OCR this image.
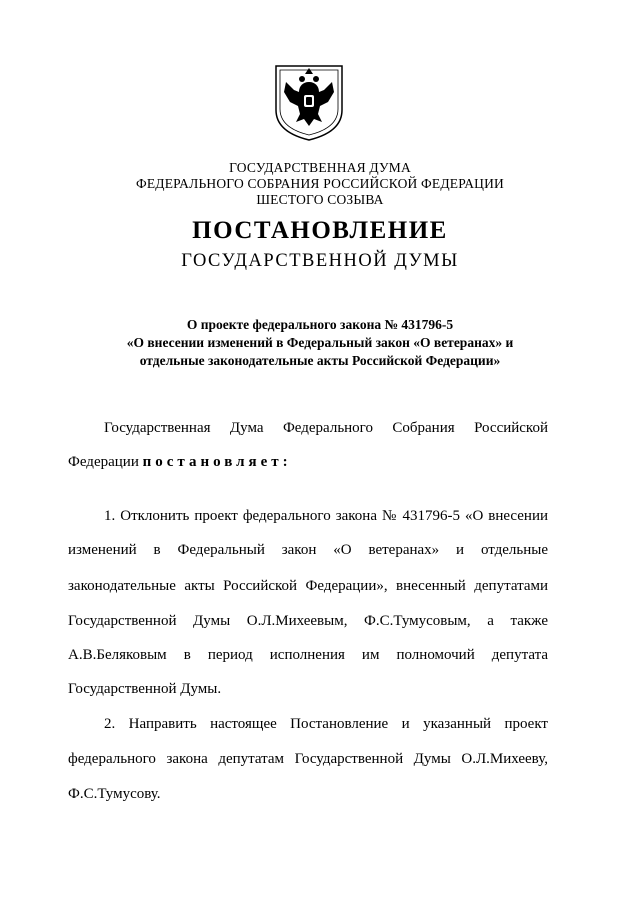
ГОСУДАРСТВЕННАЯ ДУМА
ФЕДЕРАЛЬНОГО СОБРАНИЯ РОССИЙСКОЙ ФЕДЕРАЦИИ
ШЕСТОГО СОЗЫВА
ПОСТАНОВЛЕНИЕ
ГОСУДАРСТВЕННОЙ ДУМЫ
О проекте федерального закона № 431796-5
«О внесении изменений в Федеральный закон «О ветеранах» и
отдельные законодательные акты Российской Федерации»
Государственная Дума Федерального Собрания Российской
Федерации постановляет:
1. Отклонить проект федерального закона № 431796-5 «О внесении
изменений в Федеральный закон «О ветеранах» и отдельные
законодательные акты Российской Федерации», внесенный депутатами
Государственной Думы О.Л.Михеевым, Ф.С.Тумусовым, а также
А.В.Беляковым в период исполнения им полномочий депутата
Государственной Думы.
2. Направить настоящее Постановление и указанный проект
федерального закона депутатам Государственной Думы О.Л.Михееву,
Ф.С.Тумусову.
